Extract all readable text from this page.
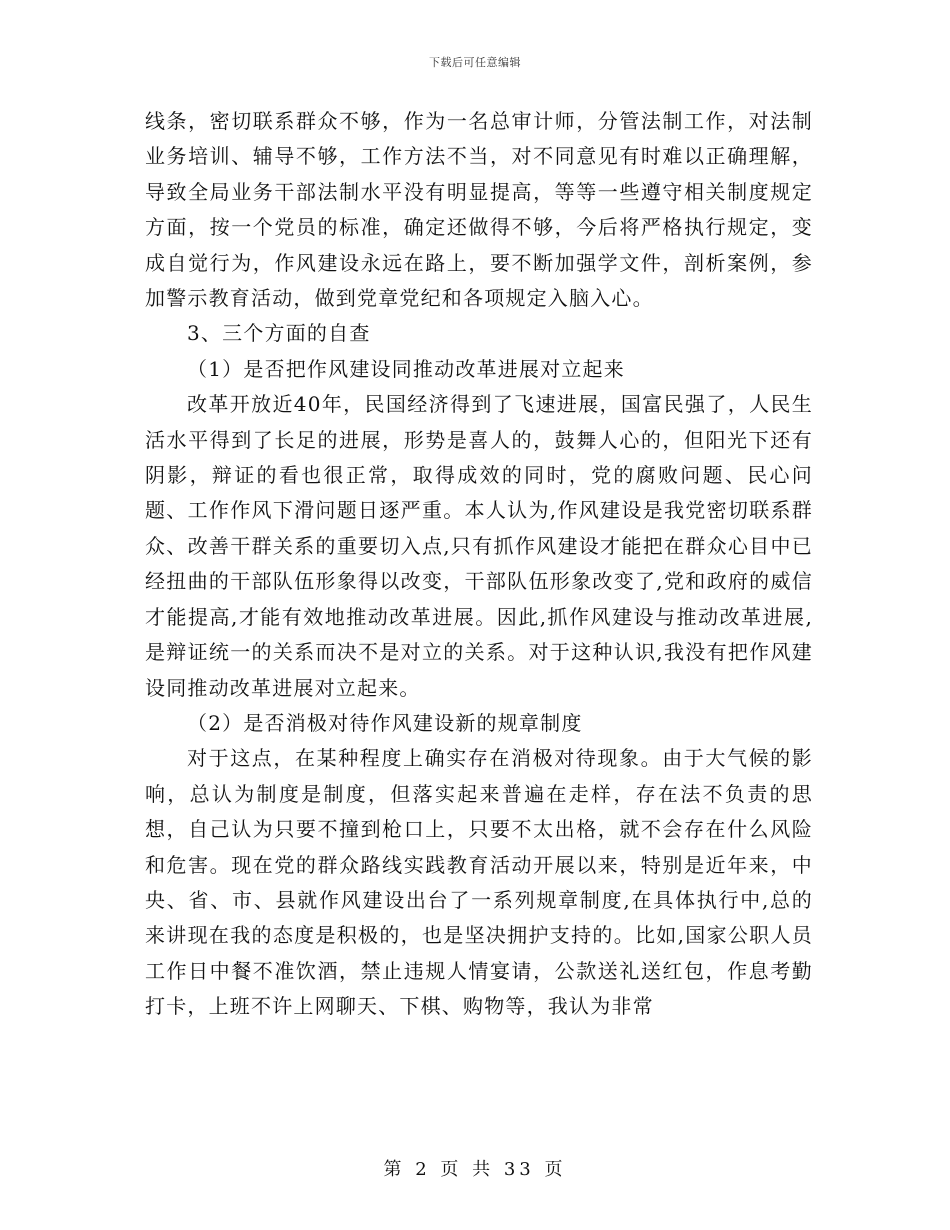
下载后可任意编辑

线条，密切联系群众不够，作为一名总审计师，分管法制工作，对法制业务培训、辅导不够，工作方法不当，对不同意见有时难以正确理解，导致全局业务干部法制水平没有明显提高，等等一些遵守相关制度规定方面，按一个党员的标准，确定还做得不够，今后将严格执行规定，变成自觉行为，作风建设永远在路上，要不断加强学文件，剖析案例，参加警示教育活动，做到党章党纪和各项规定入脑入心。

3、三个方面的自查

（1）是否把作风建设同推动改革进展对立起来

改革开放近40年，民国经济得到了飞速进展，国富民强了，人民生活水平得到了长足的进展，形势是喜人的，鼓舞人心的，但阳光下还有阴影，辩证的看也很正常，取得成效的同时，党的腐败问题、民心问题、工作作风下滑问题日逐严重。本人认为,作风建设是我党密切联系群众、改善干群关系的重要切入点,只有抓作风建设才能把在群众心目中已经扭曲的干部队伍形象得以改变，干部队伍形象改变了,党和政府的威信才能提高,才能有效地推动改革进展。因此,抓作风建设与推动改革进展,是辩证统一的关系而决不是对立的关系。对于这种认识,我没有把作风建设同推动改革进展对立起来。

（2）是否消极对待作风建设新的规章制度

对于这点，在某种程度上确实存在消极对待现象。由于大气候的影响，总认为制度是制度，但落实起来普遍在走样，存在法不负责的思想，自己认为只要不撞到枪口上，只要不太出格，就不会存在什么风险和危害。现在党的群众路线实践教育活动开展以来，特别是近年来，中央、省、市、县就作风建设出台了一系列规章制度,在具体执行中,总的来讲现在我的态度是积极的，也是坚决拥护支持的。比如,国家公职人员工作日中餐不准饮酒，禁止违规人情宴请，公款送礼送红包，作息考勤打卡，上班不许上网聊天、下棋、购物等，我认为非常

第 2 页 共 33 页
